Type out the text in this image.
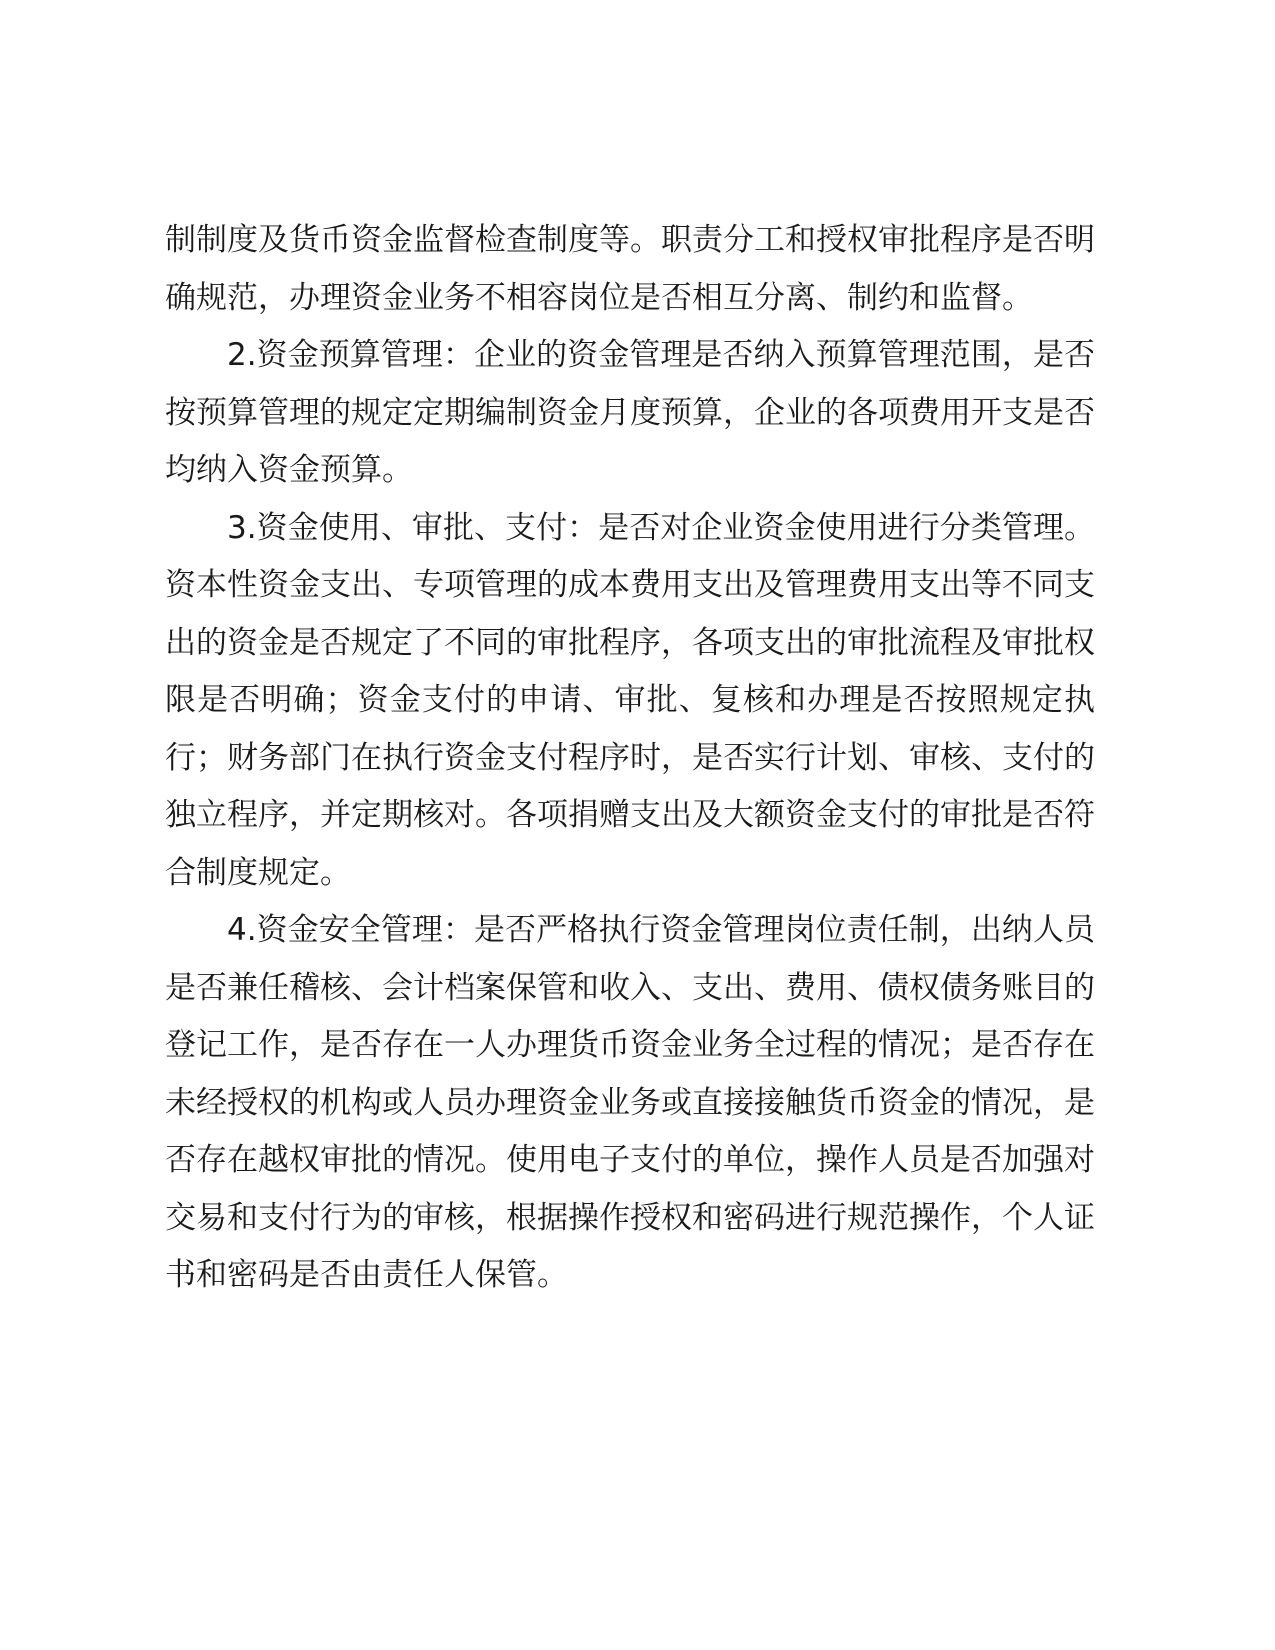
制制度及货币资金监督检查制度等。职责分工和授权审批程序是否明确规范，办理资金业务不相容岗位是否相互分离、制约和监督。

2.资金预算管理：企业的资金管理是否纳入预算管理范围，是否按预算管理的规定定期编制资金月度预算，企业的各项费用开支是否均纳入资金预算。

3.资金使用、审批、支付：是否对企业资金使用进行分类管理。资本性资金支出、专项管理的成本费用支出及管理费用支出等不同支出的资金是否规定了不同的审批程序，各项支出的审批流程及审批权限是否明确；资金支付的申请、审批、复核和办理是否按照规定执行；财务部门在执行资金支付程序时，是否实行计划、审核、支付的独立程序，并定期核对。各项捐赠支出及大额资金支付的审批是否符合制度规定。

4.资金安全管理：是否严格执行资金管理岗位责任制，出纳人员是否兼任稽核、会计档案保管和收入、支出、费用、债权债务账目的登记工作，是否存在一人办理货币资金业务全过程的情况；是否存在未经授权的机构或人员办理资金业务或直接接触货币资金的情况，是否存在越权审批的情况。使用电子支付的单位，操作人员是否加强对交易和支付行为的审核，根据操作授权和密码进行规范操作，个人证书和密码是否由责任人保管。
